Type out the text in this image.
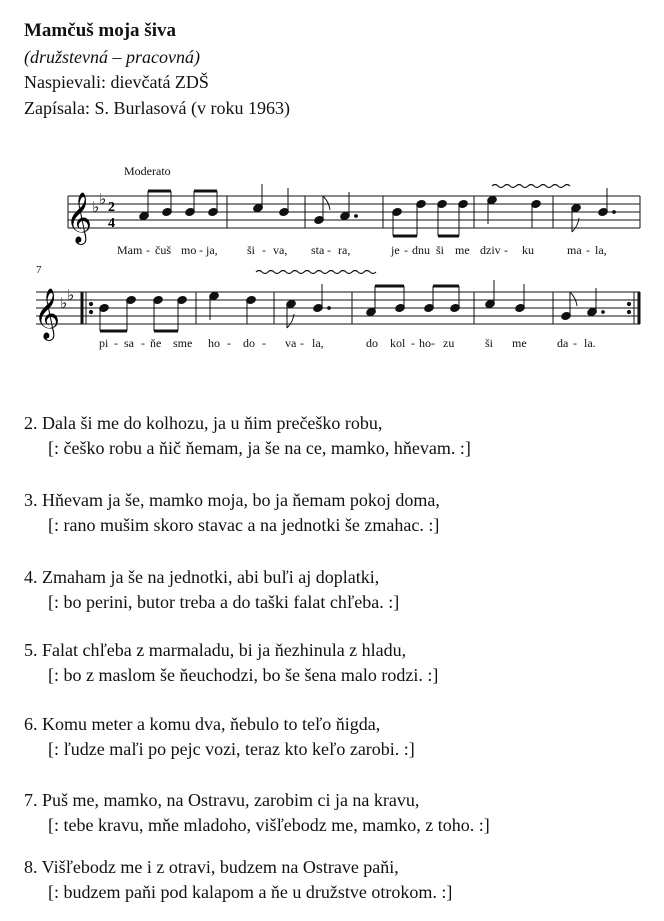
Mamčuš moja šiva
(družstevná – pracovná)
Naspievali: dievčatá ZDŠ
Zapísala: S. Burlasová (v roku 1963)
Moderato
7
𝄞 ♭ ♭ 2
4
𝄞 ♭ ♭
Mam - čuš mo - ja, ši - va, sta - ra,	je - dnu ši me dziv - ku	ma - la,
pi - sa - ňe sme ho - do - va - la,	do kol - ho - zu	ši me	da - la.
2. Dala ši me do kolhozu, ja u ňim prečeško robu,
[: češko robu a ňič ňemam, ja še na ce, mamko, hňevam. :]
3. Hňevam ja še, mamko moja, bo ja ňemam pokoj doma,
[: rano mušim skoro stavac a na jednotki še zmahac. :]
4. Zmaham ja še na jednotki, abi buľi aj doplatki,
[: bo perini, butor treba a do taški falat chľeba. :]
5. Falat chľeba z marmaladu, bi ja ňezhinula z hladu,
[: bo z maslom še ňeuchodzi, bo še šena malo rodzi. :]
6. Komu meter a komu dva, ňebulo to teľo ňigda,
[: ľudze maľi po pejc vozi, teraz kto keľo zarobi. :]
7. Puš me, mamko, na Ostravu, zarobim ci ja na kravu,
[: tebe kravu, mňe mladoho, višľebodz me, mamko, z toho. :]
8. Višľebodz me i z otravi, budzem na Ostrave paňi,
[: budzem paňi pod kalapom a ňe u družstve otrokom. :]
